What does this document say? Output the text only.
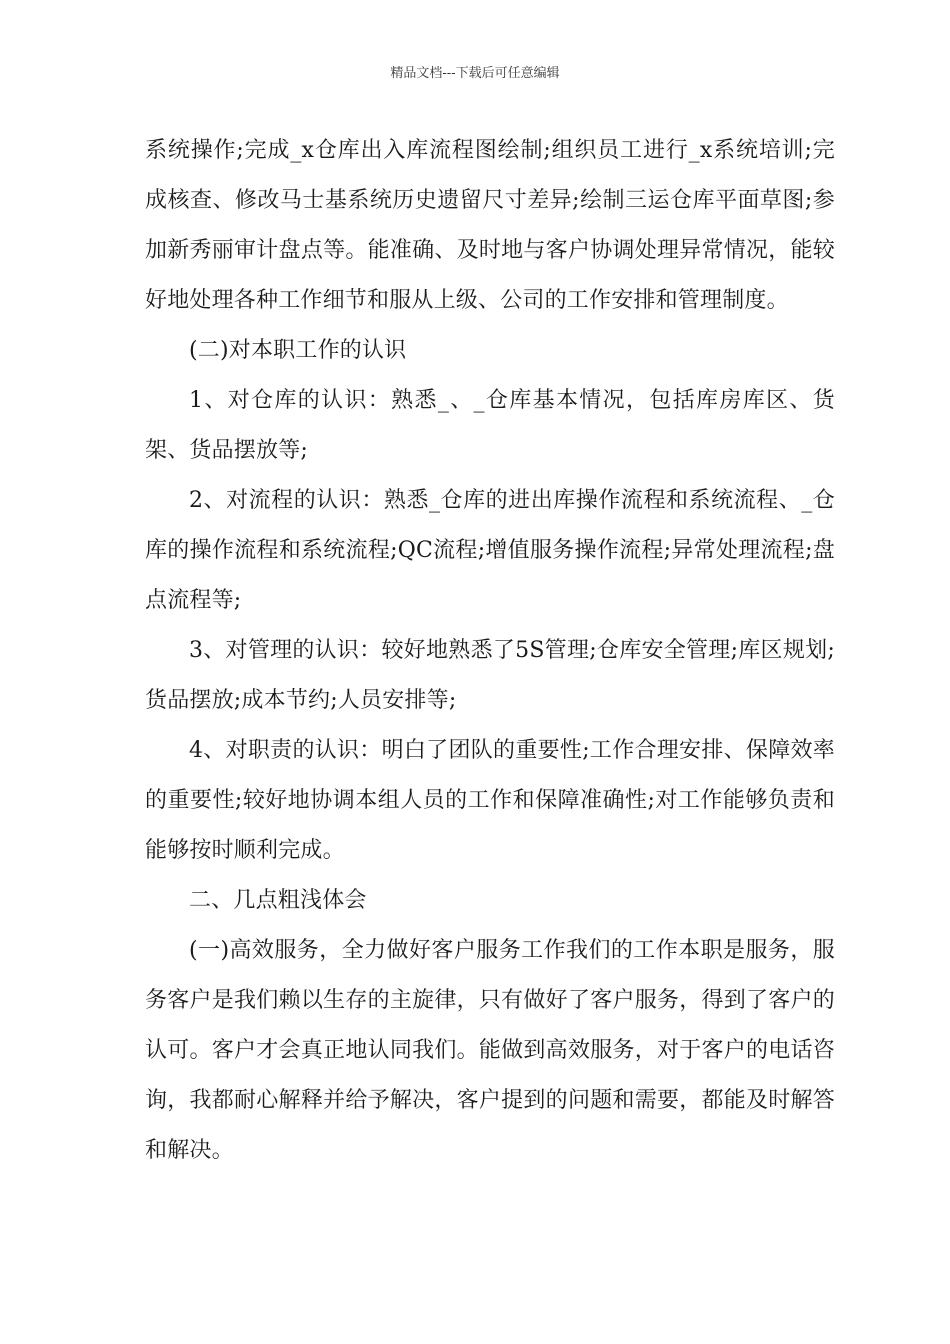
精品文档---下载后可任意编辑

系统操作;完成_x仓库出入库流程图绘制;组织员工进行_x系统培训;完成核查、修改马士基系统历史遗留尺寸差异;绘制三运仓库平面草图;参加新秀丽审计盘点等。能准确、及时地与客户协调处理异常情况，能较好地处理各种工作细节和服从上级、公司的工作安排和管理制度。

(二)对本职工作的认识

1、对仓库的认识：熟悉_、_仓库基本情况，包括库房库区、货架、货品摆放等;

2、对流程的认识：熟悉_仓库的进出库操作流程和系统流程、_仓库的操作流程和系统流程;QC流程;增值服务操作流程;异常处理流程;盘点流程等;

3、对管理的认识：较好地熟悉了5S管理;仓库安全管理;库区规划;货品摆放;成本节约;人员安排等;

4、对职责的认识：明白了团队的重要性;工作合理安排、保障效率的重要性;较好地协调本组人员的工作和保障准确性;对工作能够负责和能够按时顺利完成。

二、几点粗浅体会

(一)高效服务，全力做好客户服务工作我们的工作本职是服务，服务客户是我们赖以生存的主旋律，只有做好了客户服务，得到了客户的认可。客户才会真正地认同我们。能做到高效服务，对于客户的电话咨询，我都耐心解释并给予解决，客户提到的问题和需要，都能及时解答和解决。
